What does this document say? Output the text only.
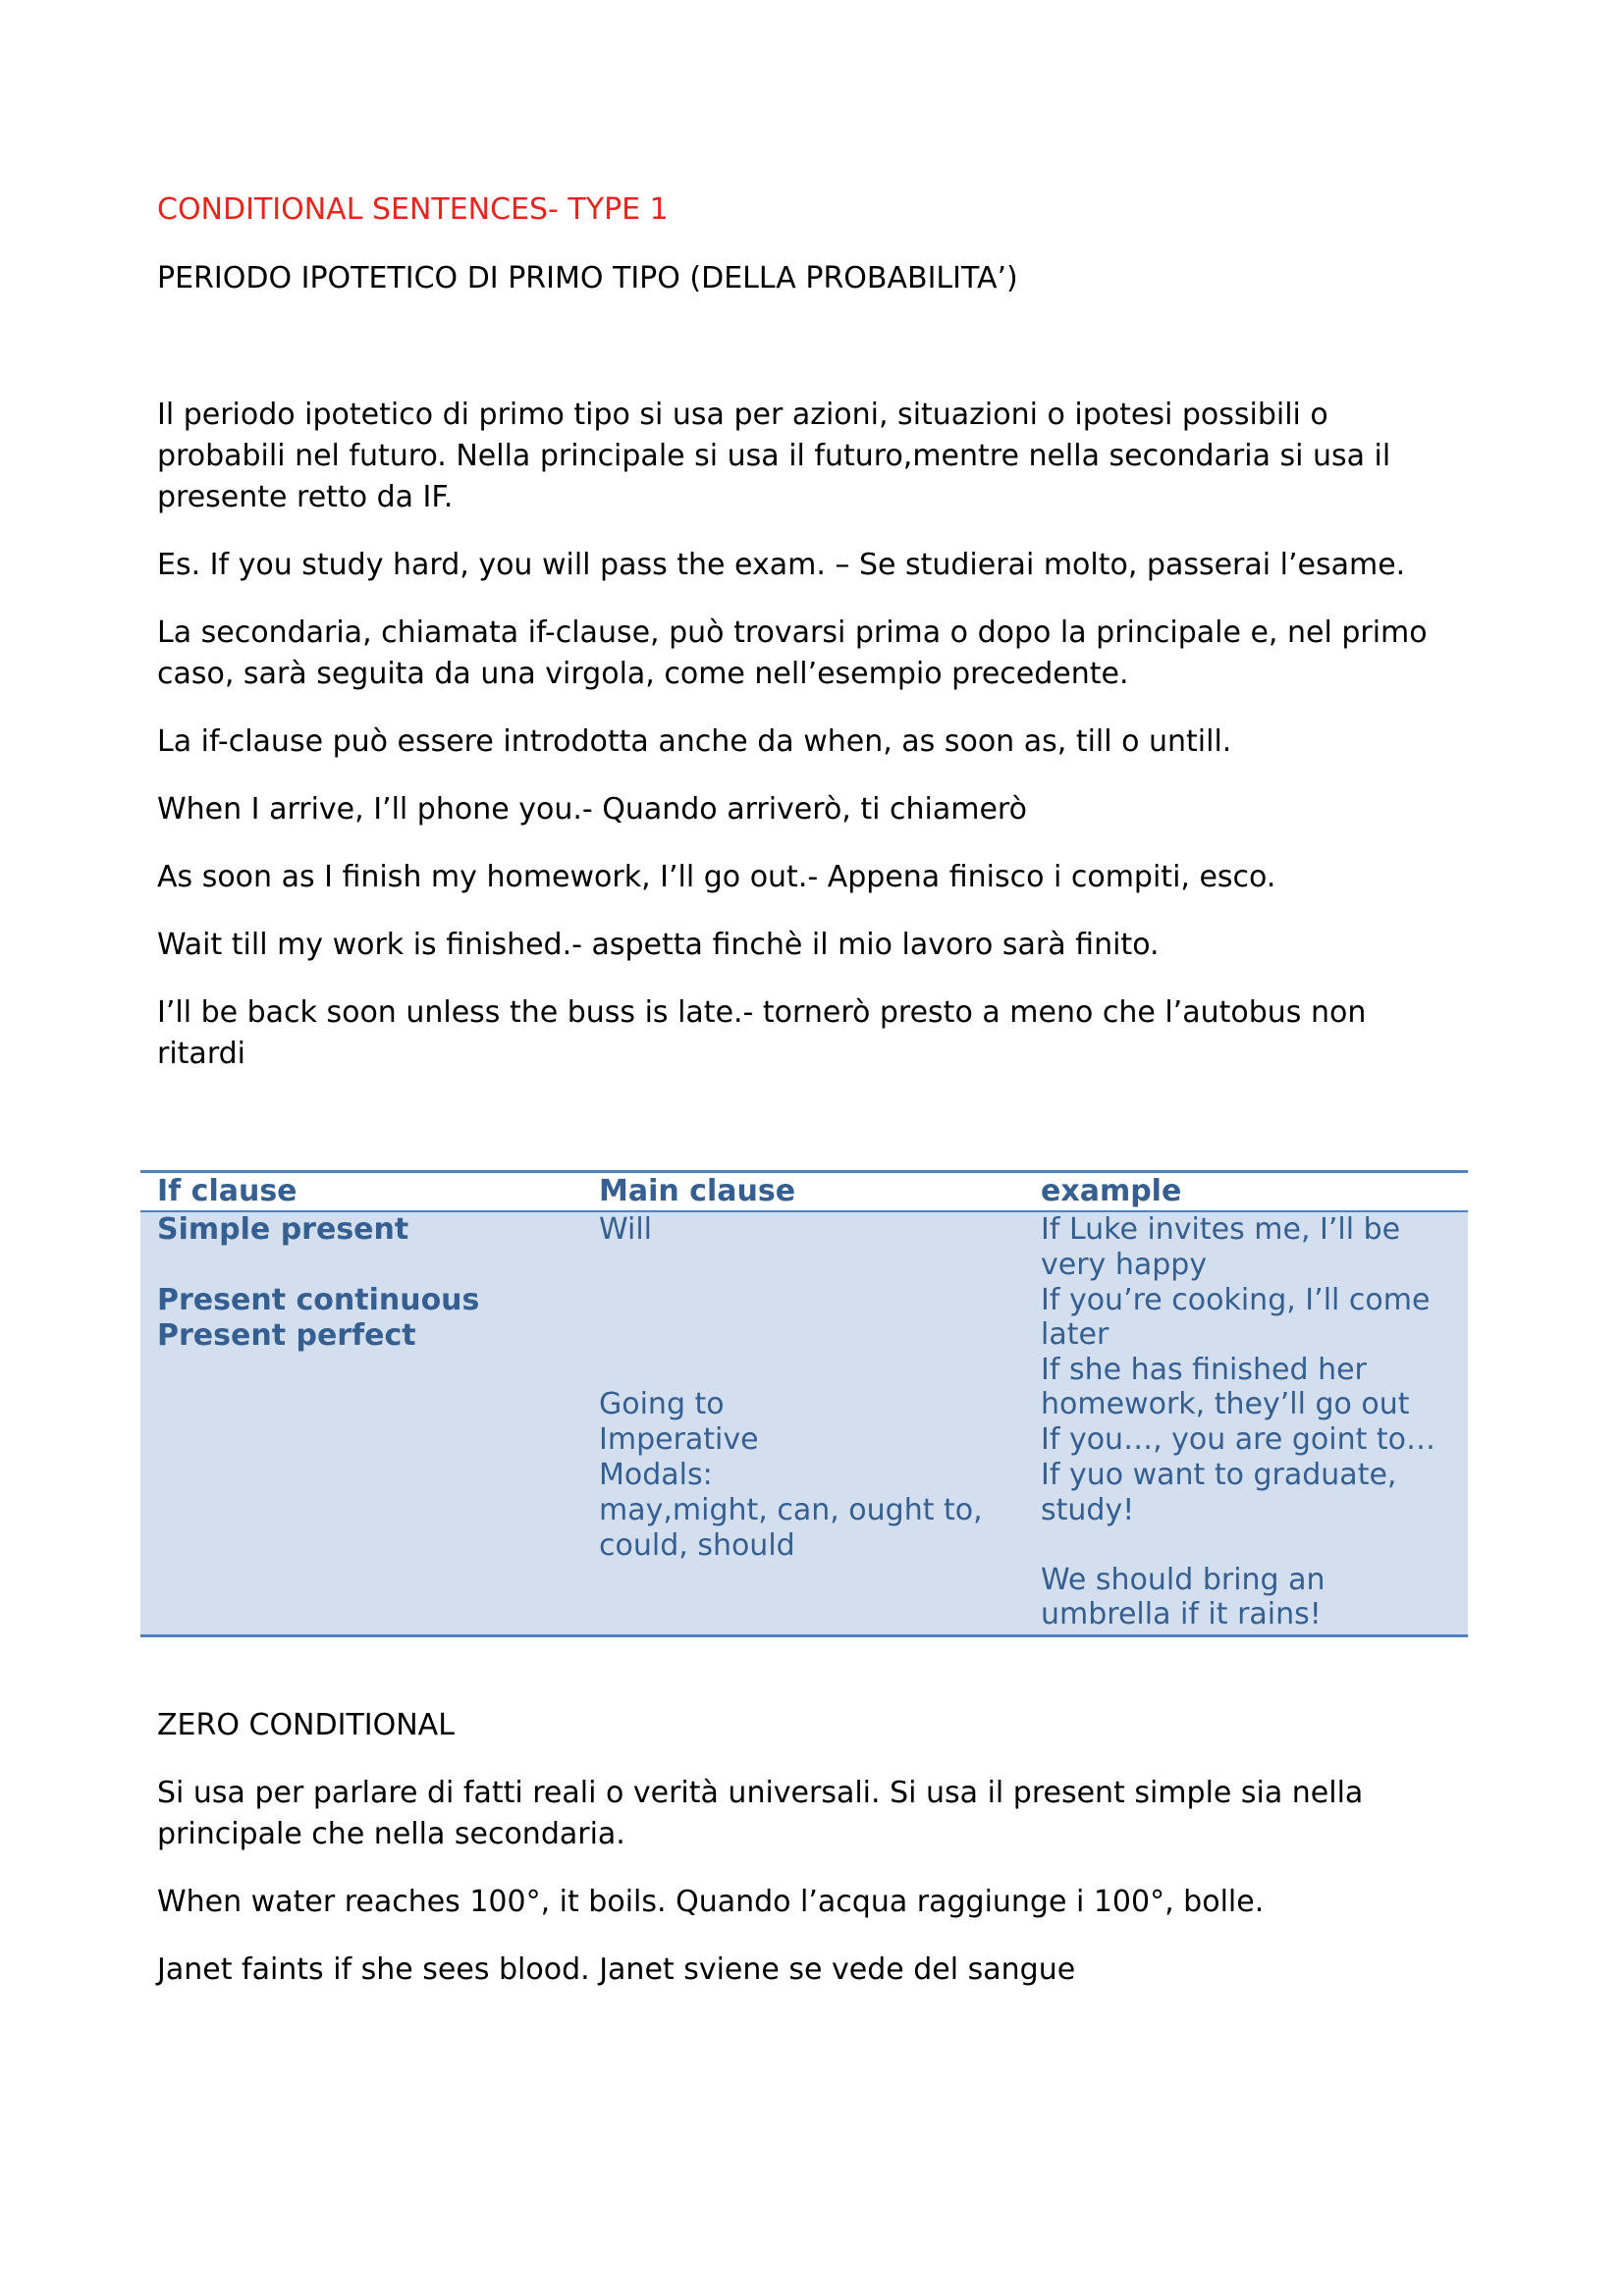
CONDITIONAL SENTENCES- TYPE 1

PERIODO IPOTETICO DI PRIMO TIPO (DELLA PROBABILITA’)

Il periodo ipotetico di primo tipo si usa per azioni, situazioni o ipotesi possibili o

probabili nel futuro. Nella principale si usa il futuro,mentre nella secondaria si usa il

presente retto da IF.

Es. If you study hard, you will pass the exam. – Se studierai molto, passerai l’esame.

La secondaria, chiamata if-clause, può trovarsi prima o dopo la principale e, nel primo

caso, sarà seguita da una virgola, come nell’esempio precedente.

La if-clause può essere introdotta anche da when, as soon as, till o untill.

When I arrive, I’ll phone you.- Quando arriverò, ti chiamerò

As soon as I finish my homework, I’ll go out.- Appena finisco i compiti, esco.

Wait till my work is finished.- aspetta finchè il mio lavoro sarà finito.

I’ll be back soon unless the buss is late.- tornerò presto a meno che l’autobus non

ritardi

If clause	Main clause	example
Simple present
Present continuous
Present perfect
Will
Going to
Imperative
Modals:
may,might, can, ought to,
could, should
If Luke invites me, I’ll be
very happy
If you’re cooking, I’ll come
later
If she has finished her
homework, they’ll go out
If you…, you are goint to…
If yuo want to graduate,
study!
We should bring an
umbrella if it rains!

ZERO CONDITIONAL

Si usa per parlare di fatti reali o verità universali. Si usa il present simple sia nella

principale che nella secondaria.

When water reaches 100°, it boils. Quando l’acqua raggiunge i 100°, bolle.

Janet faints if she sees blood. Janet sviene se vede del sangue
